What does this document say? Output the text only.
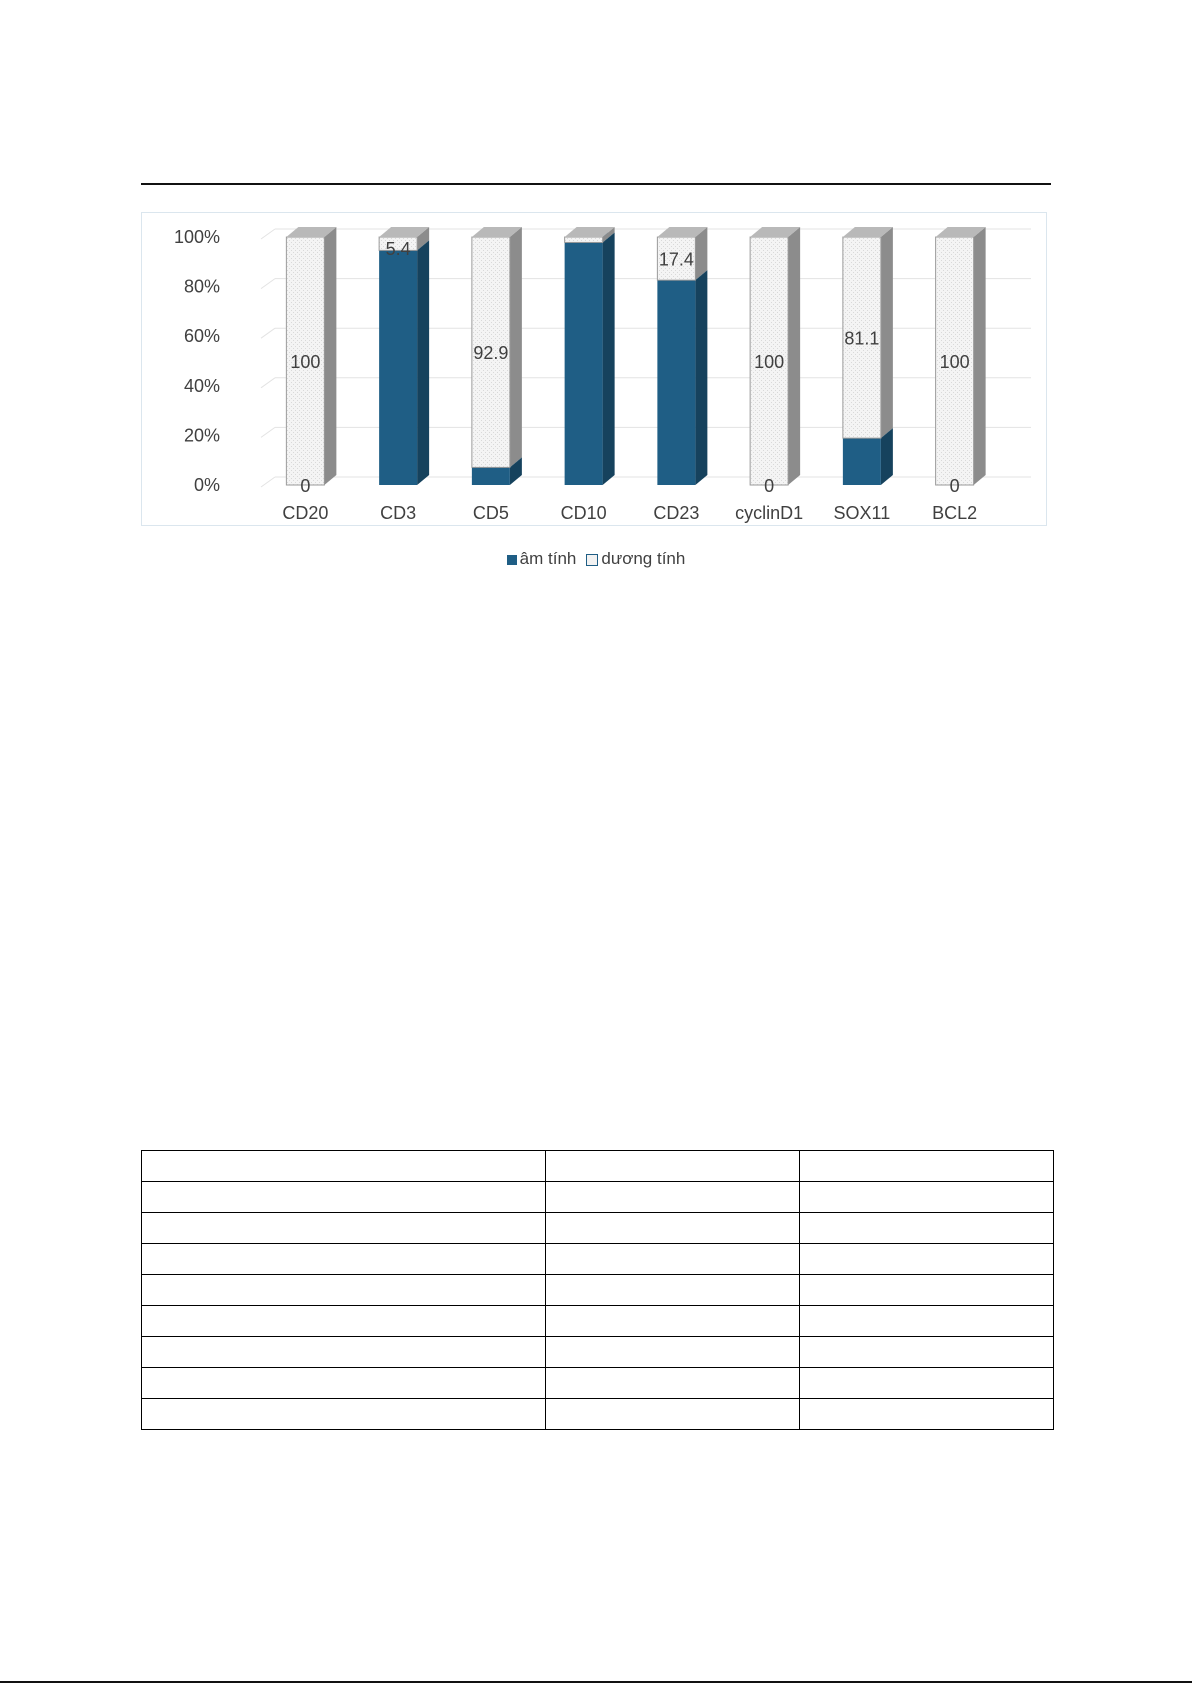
0
100
5.4
92.9
17.4
0
100
81.1
0
100
0%
20%
40%
60%
80%
100%
CD20	CD3	CD5	CD10	CD23 cyclinD1 SOX11 BCL2
âm tính dương tính
